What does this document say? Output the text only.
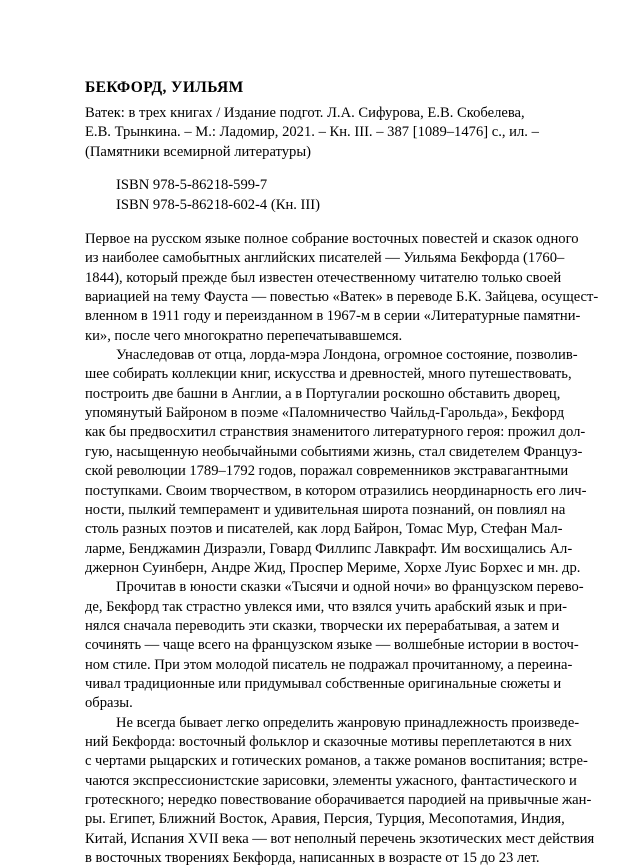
БЕКФОРД, УИЛЬЯМ
Ватек: в трех книгах / Издание подгот. Л.А. Сифурова, Е.В. Скобелева,
Е.В. Трынкина. – М.: Ладомир, 2021. – Кн. III. – 387 [1089–1476] с., ил. –
(Памятники всемирной литературы)
ISBN 978-5-86218-599-7
ISBN 978-5-86218-602-4 (Кн. III)

Первое на русском языке полное собрание восточных повестей и сказок одного
из наиболее самобытных английских писателей — Уильяма Бекфорда (1760–
1844), который прежде был известен отечественному читателю только своей
вариацией на тему Фауста — повестью «Ватек» в переводе Б.К. Зайцева, осущест-
вленном в 1911 году и переизданном в 1967-м в серии «Литературные памятни-
ки», после чего многократно перепечатывавшемся.

Унаследовав от отца, лорда-мэра Лондона, огромное состояние, позволив-
шее собирать коллекции книг, искусства и древностей, много путешествовать,
построить две башни в Англии, а в Португалии роскошно обставить дворец,
упомянутый Байроном в поэме «Паломничество Чайльд-Гарольда», Бекфорд
как бы предвосхитил странствия знаменитого литературного героя: прожил дол-
гую, насыщенную необычайными событиями жизнь, стал свидетелем Француз-
ской революции 1789–1792 годов, поражал современников экстравагантными
поступками. Своим творчеством, в котором отразились неординарность его лич-
ности, пылкий темперамент и удивительная широта познаний, он повлиял на
столь разных поэтов и писателей, как лорд Байрон, Томас Мур, Стефан Мал-
ларме, Бенджамин Дизраэли, Говард Филлипс Лавкрафт. Им восхищались Ал-
джернон Суинберн, Андре Жид, Проспер Мериме, Хорхе Луис Борхес и мн. др.

Прочитав в юности сказки «Тысячи и одной ночи» во французском перево-
де, Бекфорд так страстно увлекся ими, что взялся учить арабский язык и при-
нялся сначала переводить эти сказки, творчески их перерабатывая, а затем и
сочинять — чаще всего на французском языке — волшебные истории в восточ-
ном стиле. При этом молодой писатель не подражал прочитанному, а переина-
чивал традиционные или придумывал собственные оригинальные сюжеты и
образы.

Не всегда бывает легко определить жанровую принадлежность произведе-
ний Бекфорда: восточный фольклор и сказочные мотивы переплетаются в них
с чертами рыцарских и готических романов, а также романов воспитания; встре-
чаются экспрессионистские зарисовки, элементы ужасного, фантастического и
гротескного; нередко повествование оборачивается пародией на привычные жан-
ры. Египет, Ближний Восток, Аравия, Персия, Турция, Месопотамия, Индия,
Китай, Испания XVII века — вот неполный перечень экзотических мест действия
в восточных творениях Бекфорда, написанных в возрасте от 15 до 23 лет.
